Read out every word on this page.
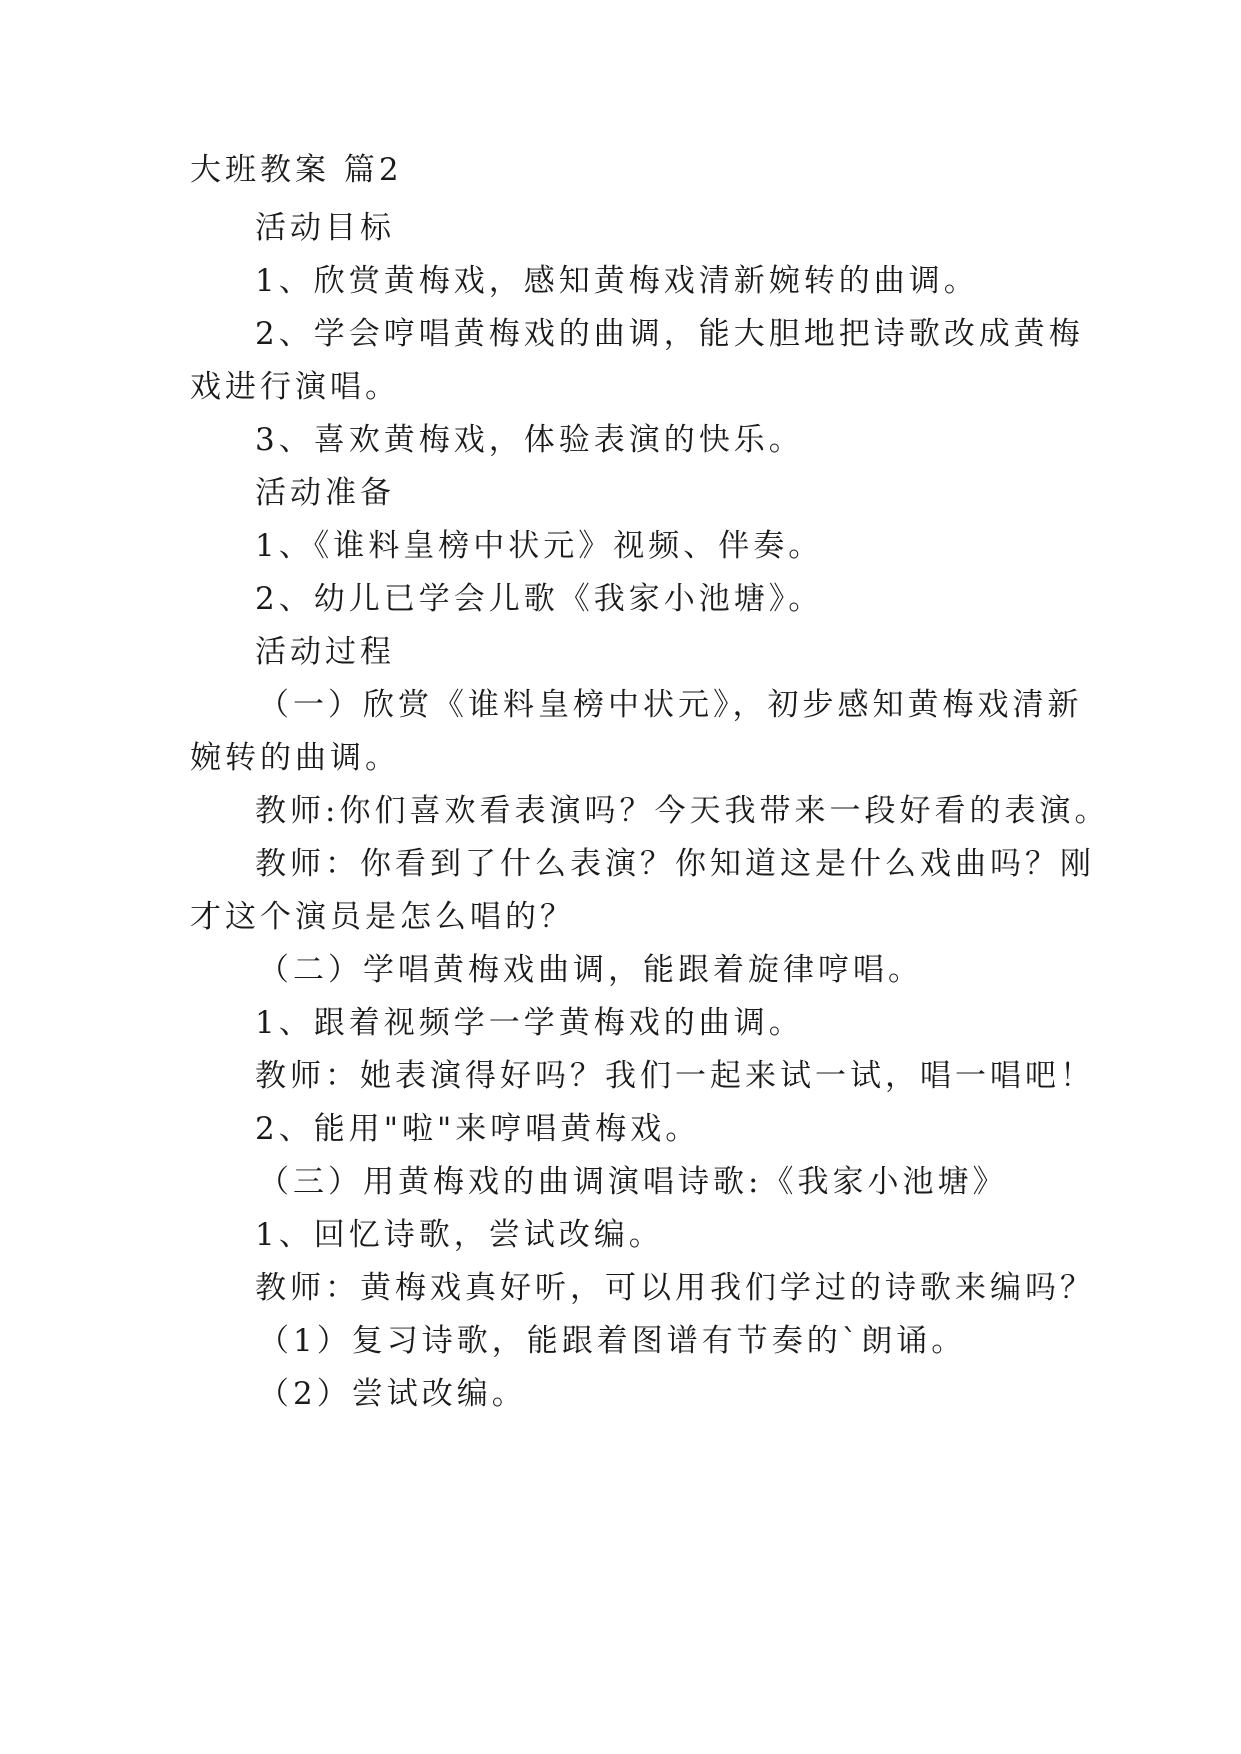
大班教案 篇2
活动目标
1、欣赏黄梅戏，感知黄梅戏清新婉转的曲调。
2、学会哼唱黄梅戏的曲调，能大胆地把诗歌改成黄梅
戏进行演唱。
3、喜欢黄梅戏，体验表演的快乐。
活动准备
1、《谁料皇榜中状元》视频、伴奏。
2、幼儿已学会儿歌《我家小池塘》。
活动过程
（一）欣赏《谁料皇榜中状元》，初步感知黄梅戏清新
婉转的曲调。
教师:你们喜欢看表演吗？今天我带来一段好看的表演。
教师：你看到了什么表演？你知道这是什么戏曲吗？刚
才这个演员是怎么唱的？
（二）学唱黄梅戏曲调，能跟着旋律哼唱。
1、跟着视频学一学黄梅戏的曲调。
教师：她表演得好吗？我们一起来试一试，唱一唱吧！
2、能用"啦"来哼唱黄梅戏。
（三）用黄梅戏的曲调演唱诗歌:《我家小池塘》
1、回忆诗歌，尝试改编。
教师：黄梅戏真好听，可以用我们学过的诗歌来编吗？
（1）复习诗歌，能跟着图谱有节奏的`朗诵。
（2）尝试改编。
